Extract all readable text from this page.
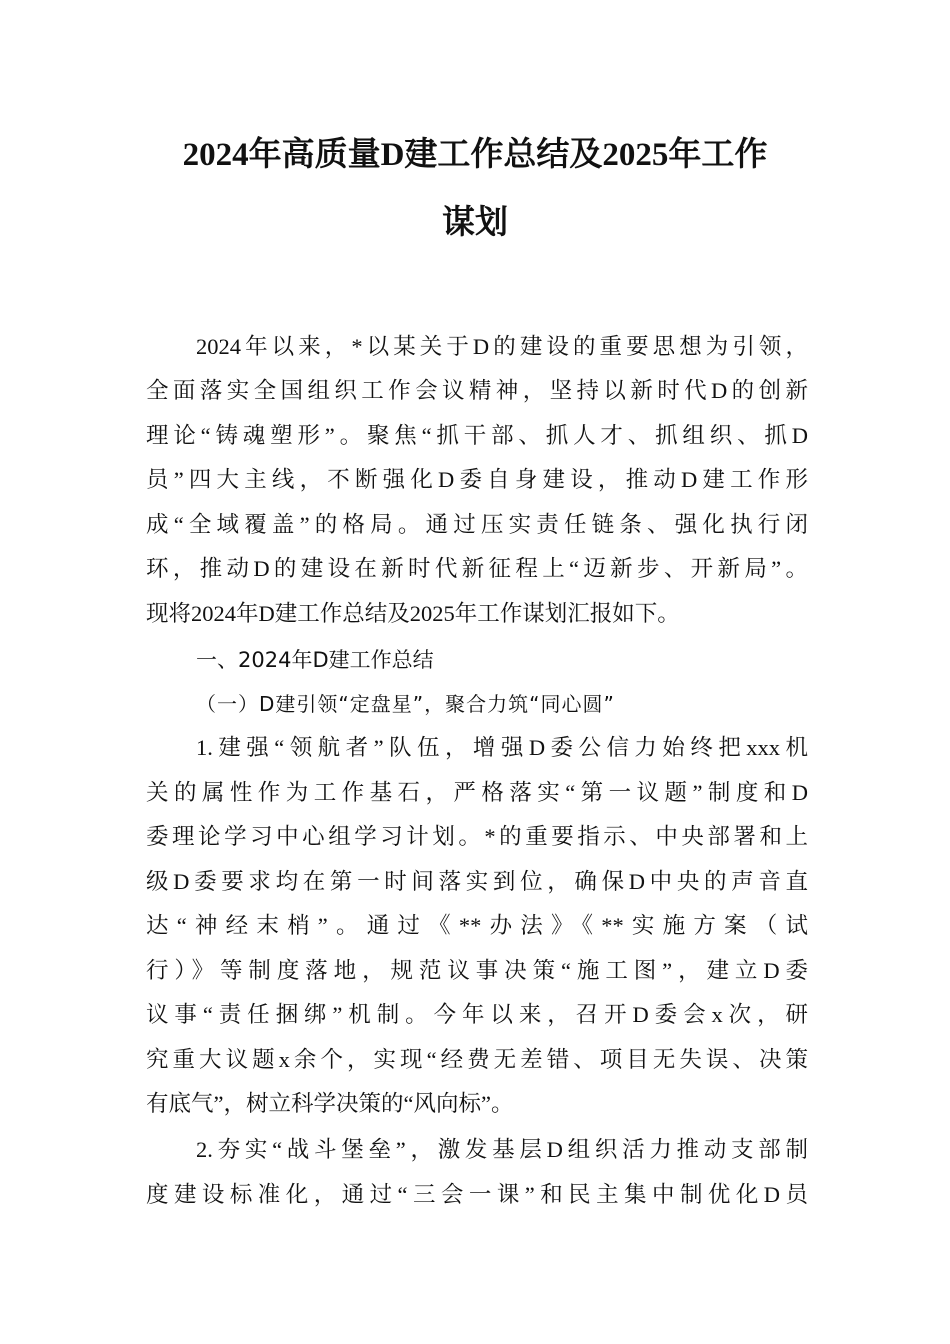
2024年高质量D建工作总结及2025年工作
谋划
2024年以来，*以某关于D的建设的重要思想为引领，
全面落实全国组织工作会议精神，坚持以新时代D的创新
理论“铸魂塑形”。聚焦“抓干部、抓人才、抓组织、抓D
员”四大主线，不断强化D委自身建设，推动D建工作形
成“全域覆盖”的格局。通过压实责任链条、强化执行闭
环，推动D的建设在新时代新征程上“迈新步、开新局”。
现将2024年D建工作总结及2025年工作谋划汇报如下。
一、2024年D建工作总结
（一）D建引领“定盘星”，聚合力筑“同心圆”
1.建强“领航者”队伍，增强D委公信力始终把xxx机
关的属性作为工作基石，严格落实“第一议题”制度和D
委理论学习中心组学习计划。*的重要指示、中央部署和上
级D委要求均在第一时间落实到位，确保D中央的声音直
达“神经末梢”。通过《**办法》《**实施方案（试
行）》等制度落地，规范议事决策“施工图”，建立D委
议事“责任捆绑”机制。今年以来，召开D委会x次，研
究重大议题x余个，实现“经费无差错、项目无失误、决策
有底气”，树立科学决策的“风向标”。
2.夯实“战斗堡垒”，激发基层D组织活力推动支部制
度建设标准化，通过“三会一课”和民主集中制优化D员
